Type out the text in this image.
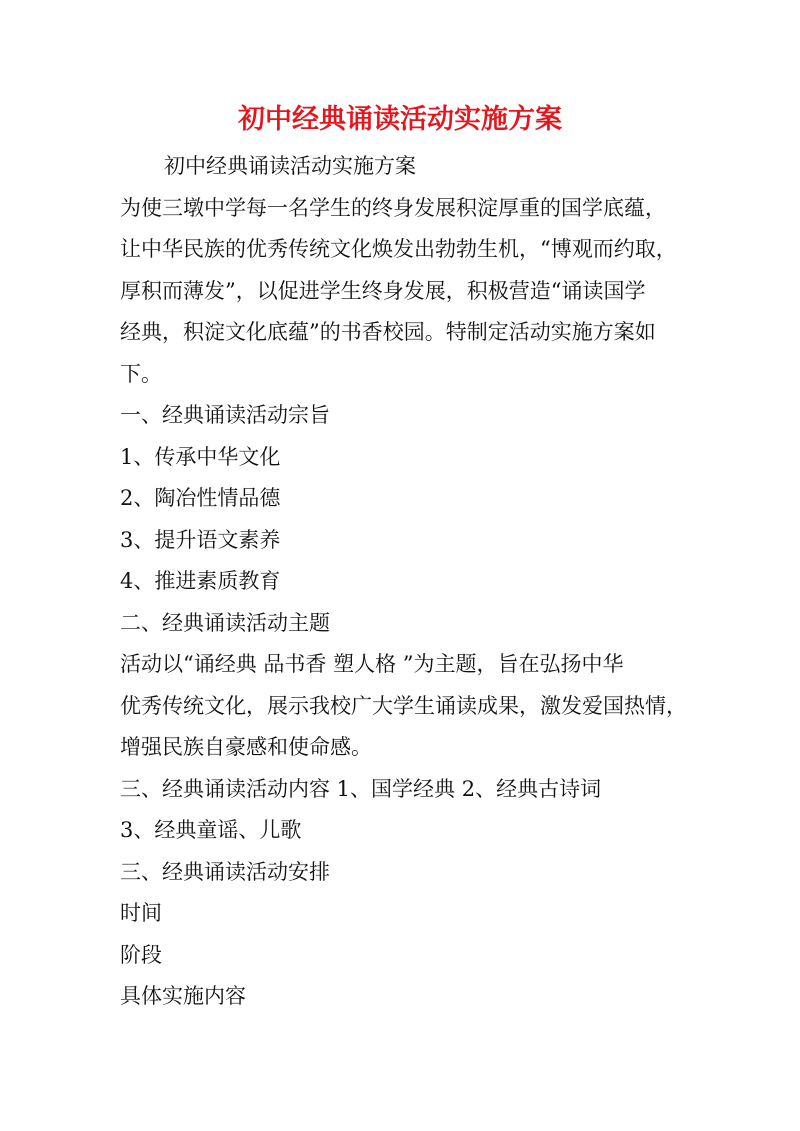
初中经典诵读活动实施方案
初中经典诵读活动实施方案
为使三墩中学每一名学生的终身发展积淀厚重的国学底蕴，
让中华民族的优秀传统文化焕发出勃勃生机，“博观而约取，
厚积而薄发”，以促进学生终身发展，积极营造“诵读国学
经典，积淀文化底蕴”的书香校园。特制定活动实施方案如
下。
一、经典诵读活动宗旨
1、传承中华文化
2、陶冶性情品德
3、提升语文素养
4、推进素质教育
二、经典诵读活动主题
活动以“诵经典 品书香 塑人格 ”为主题，旨在弘扬中华
优秀传统文化，展示我校广大学生诵读成果，激发爱国热情，
增强民族自豪感和使命感。
三、经典诵读活动内容 1、国学经典 2、经典古诗词
3、经典童谣、儿歌
三、经典诵读活动安排
时间
阶段
具体实施内容
